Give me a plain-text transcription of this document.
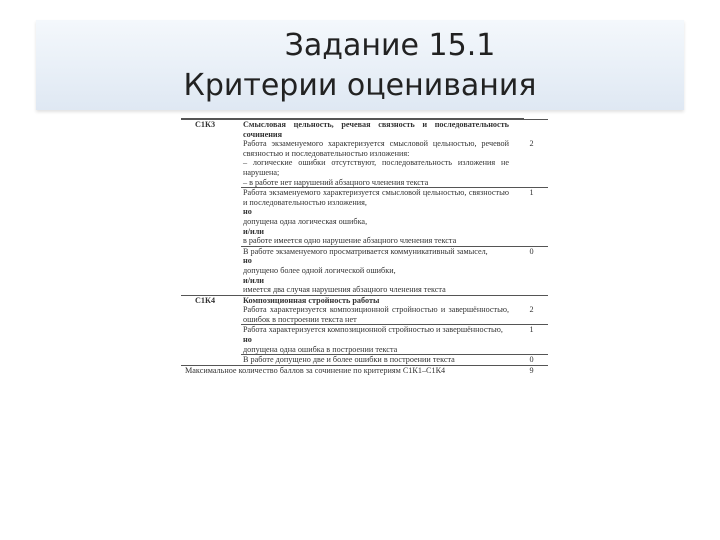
Задание 15.1
Критерии оценивания
С1К3	Смысловая цельность, речевая связность и последовательность сочинения	

	Работа экзаменуемого характеризуется смысловой цельностью, речевой связностью и последовательностью изложения:
– логические ошибки отсутствуют, последовательность изложения не нарушена;
– в работе нет нарушений абзацного членения текста	2

	Работа экзаменуемого характеризуется смысловой цельностью, связностью и последовательностью изложения,
но
допущена одна логическая ошибка,
и/или
в работе имеется одно нарушение абзацного членения текста	1

	В работе экзаменуемого просматривается коммуникативный замысел,
но
допущено более одной логической ошибки,
и/или
имеется два случая нарушения абзацного членения текста	0
С1К4	Композиционная стройность работы	

	Работа характеризуется композиционной стройностью и завершённостью, ошибок в построении текста нет	2

	Работа характеризуется композиционной стройностью и завершённостью,
но
допущена одна ошибка в построении текста	1

	В работе допущено две и более ошибки в построении текста	0
Максимальное количество баллов за сочинение по критериям С1К1–С1К4		9
